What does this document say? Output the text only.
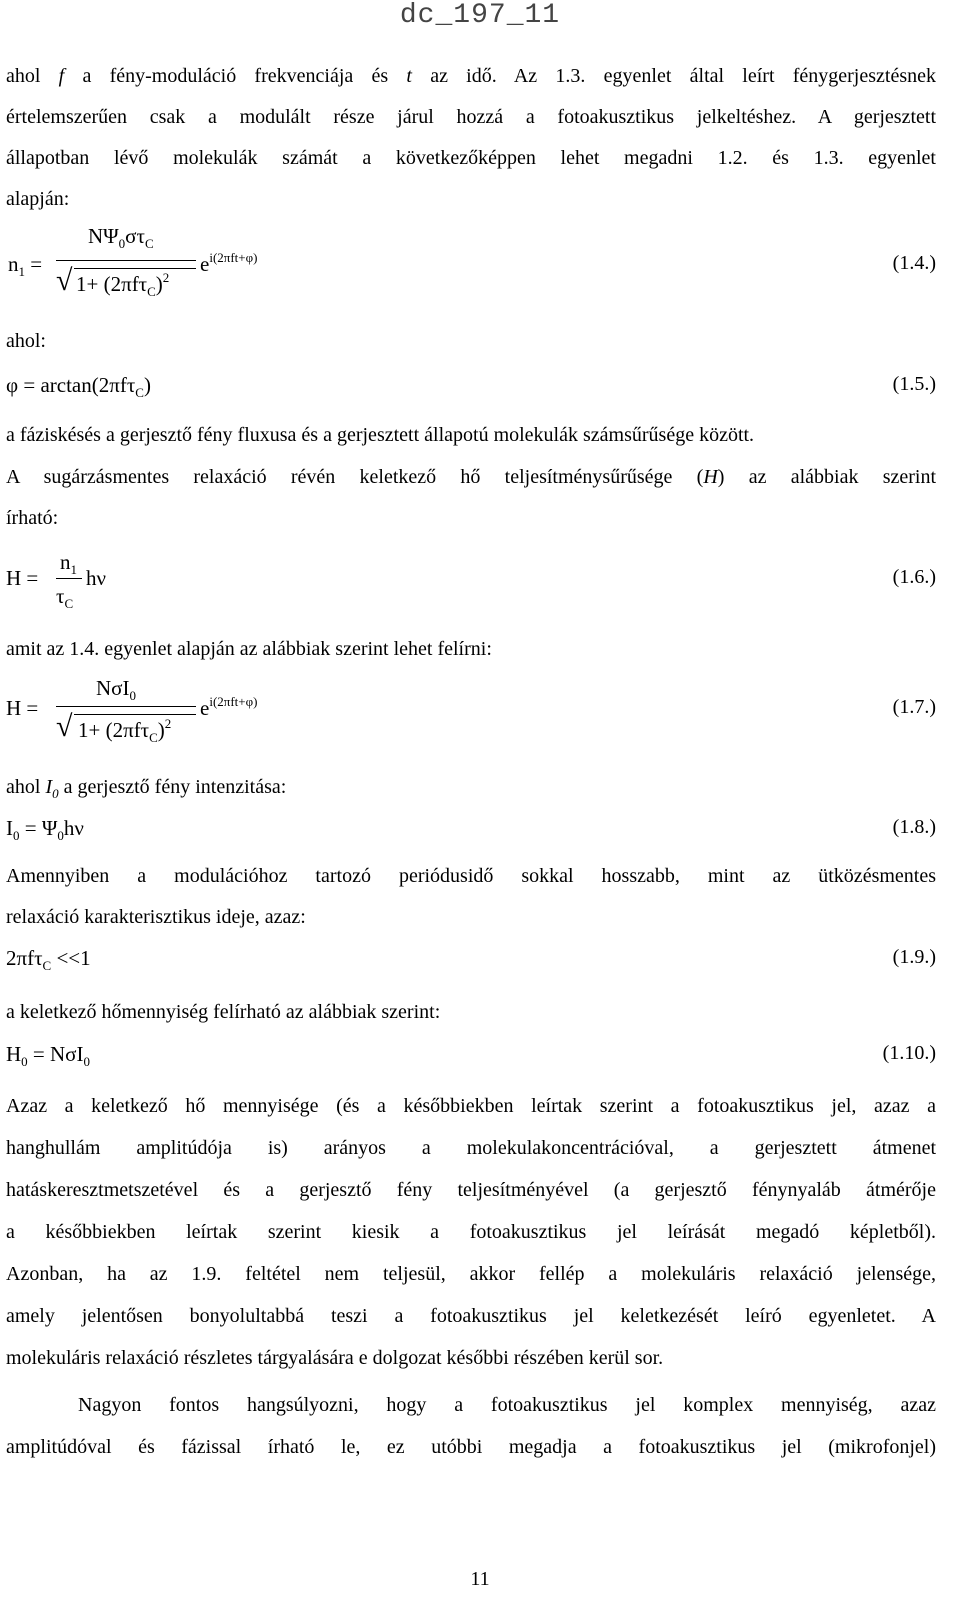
dc_197_11
ahol f a fény-moduláció frekvenciája és t az idő. Az 1.3. egyenlet által leírt fénygerjesztésnek
értelemszerűen csak a modulált része járul hozzá a fotoakusztikus jelkeltéshez. A gerjesztett
állapotban lévő molekulák számát a következőképpen lehet megadni 1.2. és 1.3. egyenlet
alapján:
$n_1$ =
$N\Psi_0\sigma\tau_C$
√ $1+ (2\pi f\tau_C)^2$
$e^{i(2\pi ft+\varphi)}$	(1.4.)
ahol:
φ = arctan(2πfτ$_C$)	(1.5.)
a fáziskésés a gerjesztő fény fluxusa és a gerjesztett állapotú molekulák számsűrűsége között.
A sugárzásmentes relaxáció révén keletkező hő teljesítménysűrűsége (H) az alábbiak szerint
írható:
H =
$n_1$
$\tau_C$
hν	(1.6.)
amit az 1.4. egyenlet alapján az alábbiak szerint lehet felírni:
H =
NσI$_0$
√ $1+ (2\pi f\tau_C)^2$
$e^{i(2\pi ft+\varphi)}$	(1.7.)
ahol $I_0$ a gerjesztő fény intenzitása:
$I_0 = \Psi_0h\nu$	(1.8.)
Amennyiben a modulációhoz tartozó periódusidő sokkal hosszabb, mint az ütközésmentes
relaxáció karakterisztikus ideje, azaz:
2πfτ$_C$ <<1	(1.9.)
a keletkező hőmennyiség felírható az alábbiak szerint:
$H_0 = N\sigma I_0$	(1.10.)
Azaz a keletkező hő mennyisége (és a későbbiekben leírtak szerint a fotoakusztikus jel, azaz a
hanghullám amplitúdója is) arányos a molekulakoncentrációval, a gerjesztett átmenet
hatáskeresztmetszetével és a gerjesztő fény teljesítményével (a gerjesztő fénynyaláb átmérője
a későbbiekben leírtak szerint kiesik a fotoakusztikus jel leírását megadó képletből).
Azonban, ha az 1.9. feltétel nem teljesül, akkor fellép a molekuláris relaxáció jelensége,
amely jelentősen bonyolultabbá teszi a fotoakusztikus jel keletkezését leíró egyenletet. A
molekuláris relaxáció részletes tárgyalására e dolgozat későbbi részében kerül sor.
Nagyon fontos hangsúlyozni, hogy a fotoakusztikus jel komplex mennyiség, azaz
amplitúdóval és fázissal írható le, ez utóbbi megadja a fotoakusztikus jel (mikrofonjel)
11
